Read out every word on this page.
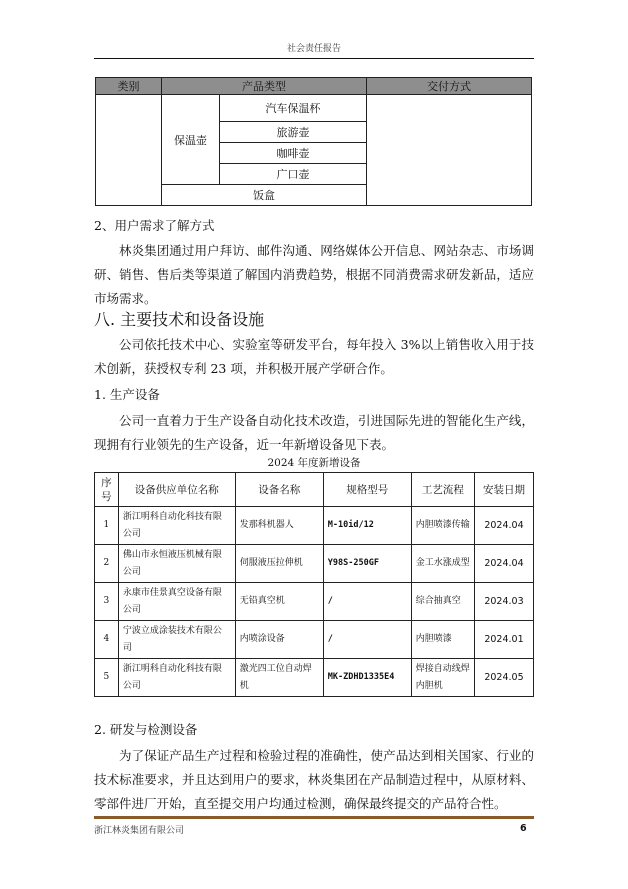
社会责任报告
类别	产品类型		交付方式
	保温壶	汽车保温杯	
		旅游壶	
		咖啡壶	
		广口壶	
	饭盒		
2、用户需求了解方式
林炎集团通过用户拜访、邮件沟通、网络媒体公开信息、网站杂志、市场调研、销售、售后类等渠道了解国内消费趋势，根据不同消费需求研发新品，适应市场需求。
八. 主要技术和设备设施
公司依托技术中心、实验室等研发平台，每年投入 3%以上销售收入用于技术创新，获授权专利 23 项，并积极开展产学研合作。
1. 生产设备
公司一直着力于生产设备自动化技术改造，引进国际先进的智能化生产线，现拥有行业领先的生产设备，近一年新增设备见下表。
2024 年度新增设备
序号	设备供应单位名称	设备名称	规格型号	工艺流程	安装日期
1	浙江明科自动化科技有限公司	发那科机器人	M-10id/12	内胆喷漆传输	2024.04
2	佛山市永恒液压机械有限公司	伺服液压拉伸机	Y98S-250GF	金工水涨成型	2024.04
3	永康市佳景真空设备有限公司	无铅真空机	/	综合抽真空	2024.03
4	宁波立成涂装技术有限公司	内喷涂设备	/	内胆喷漆	2024.01
5	浙江明科自动化科技有限公司	激光四工位自动焊机	MK-ZDHD1335E4	焊接自动线焊内胆机	2024.05
2. 研发与检测设备
为了保证产品生产过程和检验过程的准确性，使产品达到相关国家、行业的技术标准要求，并且达到用户的要求，林炎集团在产品制造过程中，从原材料、零部件进厂开始，直至提交用户均通过检测，确保最终提交的产品符合性。
浙江林炎集团有限公司	6
